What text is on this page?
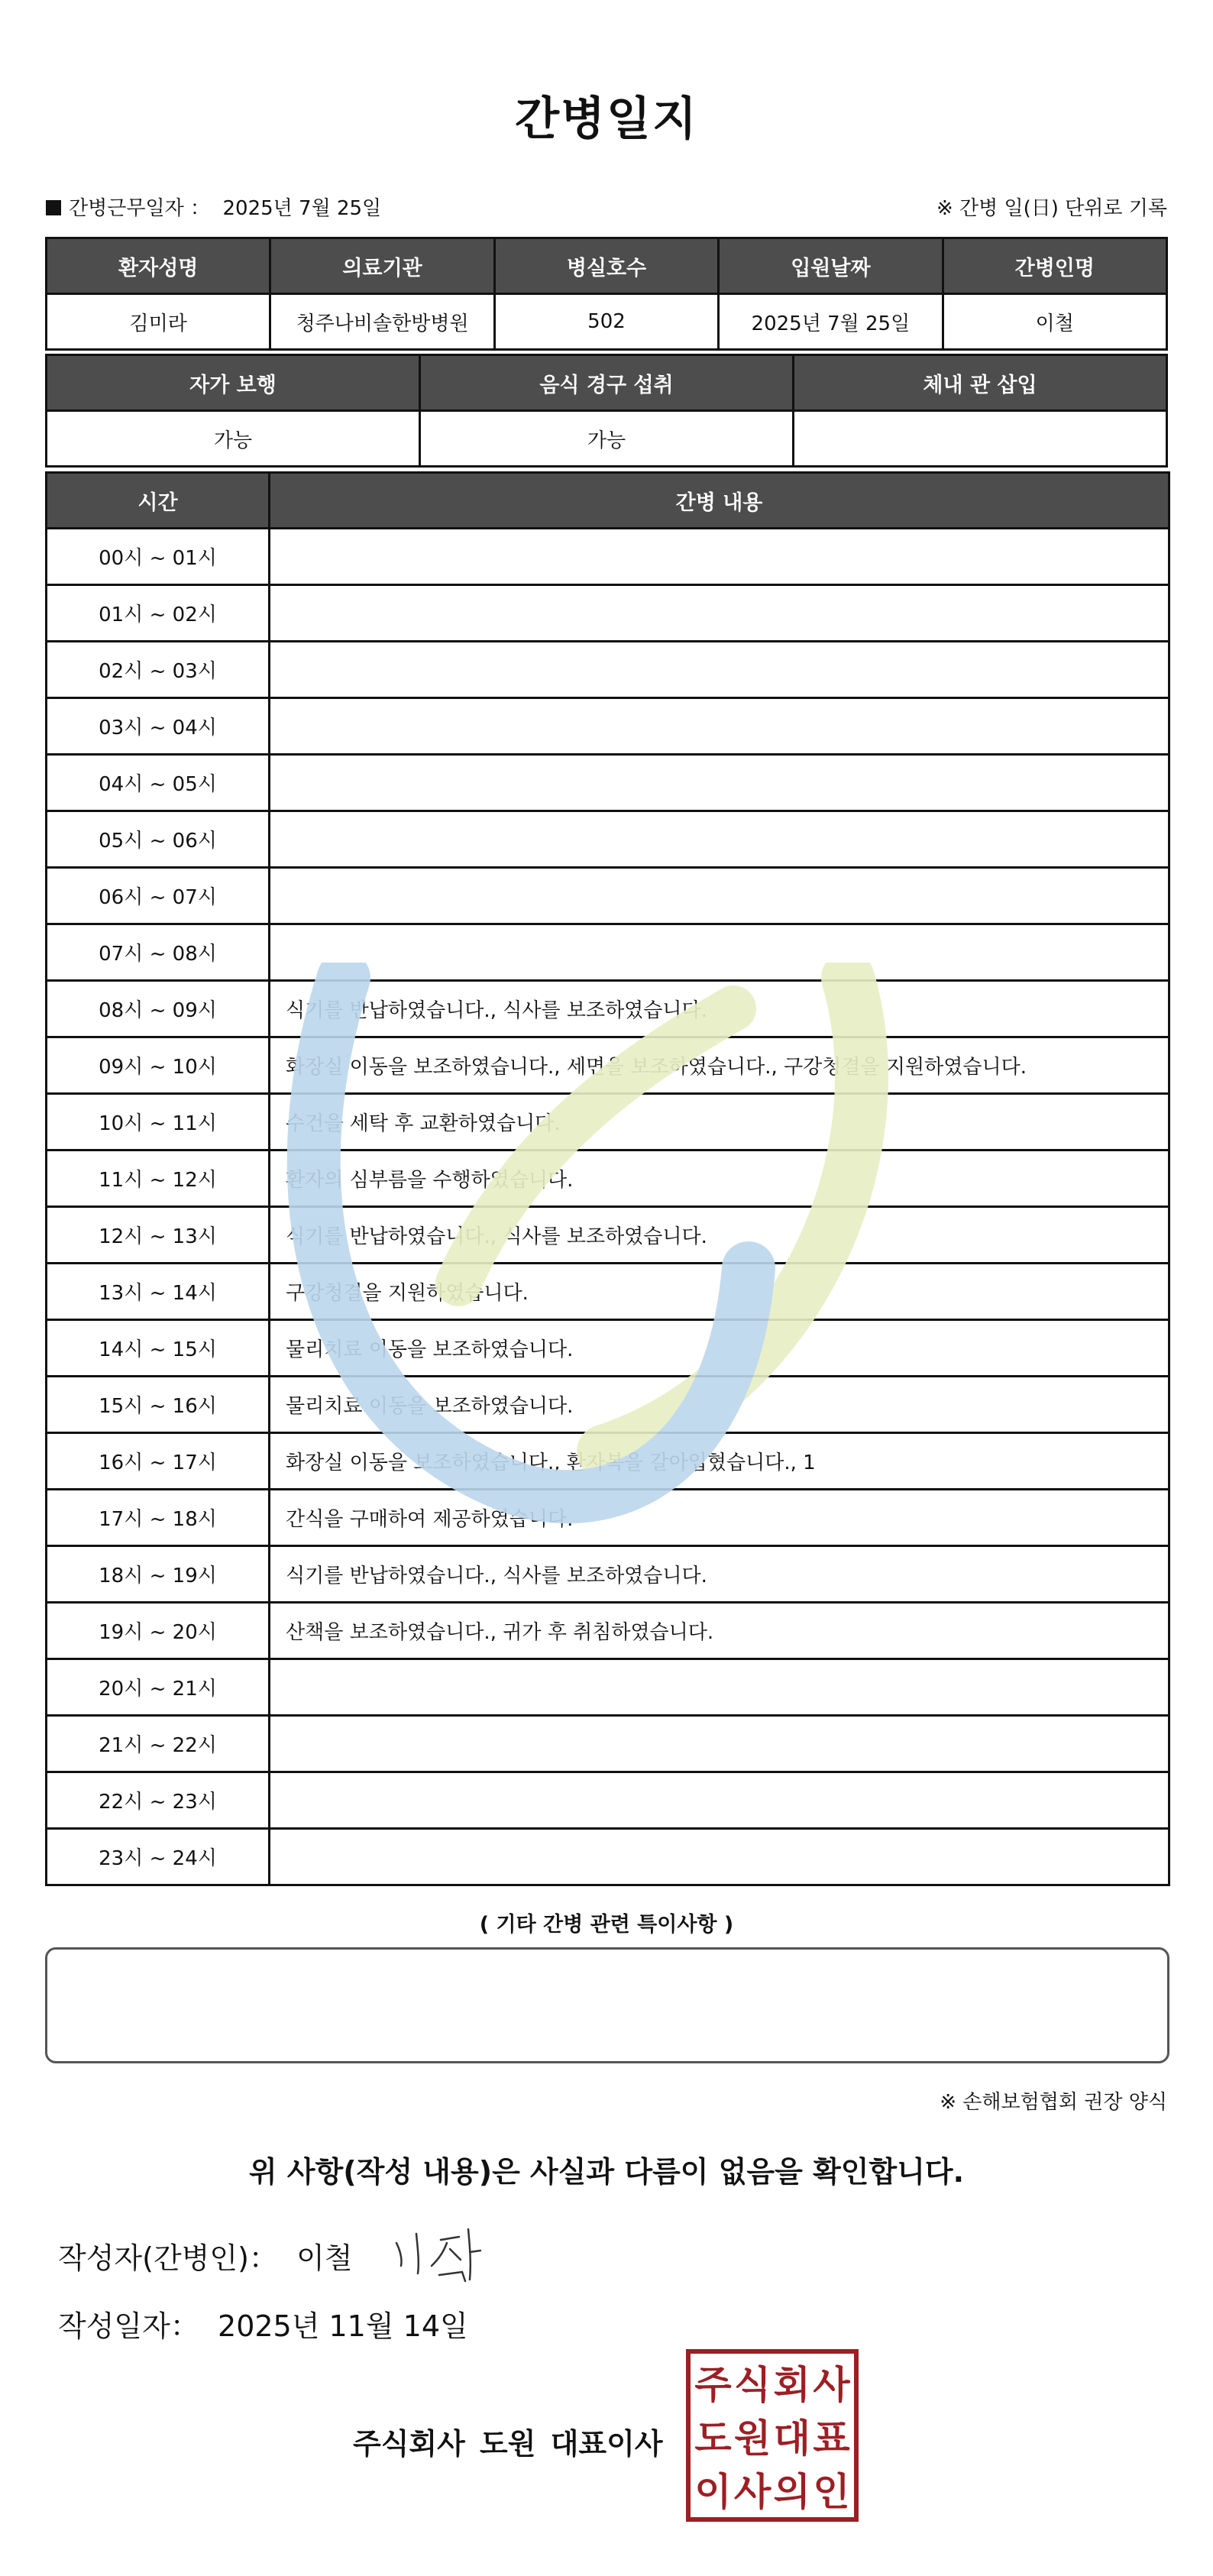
간병일지
간병근무일자 ： 2025년 7월 25일	※ 간병 일(日) 단위로 기록
환자성명	의료기관	병실호수	입원날짜	간병인명
김미라	청주나비솔한방병원	502	2025년 7월 25일	이철
자가 보행	음식 경구 섭취	체내 관 삽입
가능	가능	
시간	간병 내용
00시 ~ 01시	
01시 ~ 02시	
02시 ~ 03시	
03시 ~ 04시	
04시 ~ 05시	
05시 ~ 06시	
06시 ~ 07시	
07시 ~ 08시	
08시 ~ 09시	식기를 반납하였습니다., 식사를 보조하였습니다.
09시 ~ 10시	화장실 이동을 보조하였습니다., 세면을 보조하였습니다., 구강청결을 지원하였습니다.
10시 ~ 11시	수건을 세탁 후 교환하였습니다.
11시 ~ 12시	환자의 심부름을 수행하였습니다.
12시 ~ 13시	식기를 반납하였습니다., 식사를 보조하였습니다.
13시 ~ 14시	구강청결을 지원하였습니다.
14시 ~ 15시	물리치료 이동을 보조하였습니다.
15시 ~ 16시	물리치료 이동을 보조하였습니다.
16시 ~ 17시	화장실 이동을 보조하였습니다., 환자복을 갈아입혔습니다., 1
17시 ~ 18시	간식을 구매하여 제공하였습니다.
18시 ~ 19시	식기를 반납하였습니다., 식사를 보조하였습니다.
19시 ~ 20시	산책을 보조하였습니다., 귀가 후 취침하였습니다.
20시 ~ 21시	
21시 ~ 22시	
22시 ~ 23시	
23시 ~ 24시	
( 기타 간병 관련 특이사항 )
※ 손해보험협회 권장 양식
위 사항(작성 내용)은 사실과 다름이 없음을 확인합니다.
작성자(간병인)： 이철
작성일자： 2025년 11월 14일
주식회사 도원 대표이사
주 식 회 사
도 원 대 표
이 사 의 인
